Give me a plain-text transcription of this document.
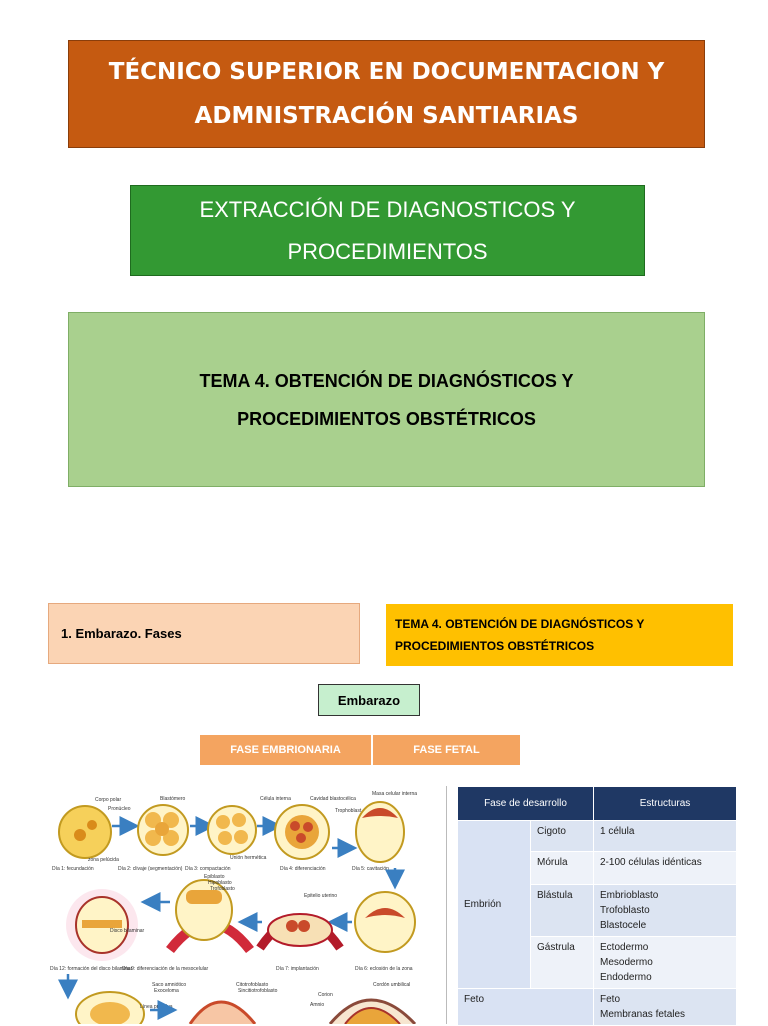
TÉCNICO SUPERIOR EN DOCUMENTACION Y
ADMNISTRACIÓN SANTIARIAS
EXTRACCIÓN DE DIAGNOSTICOS Y
PROCEDIMIENTOS
TEMA 4. OBTENCIÓN DE DIAGNÓSTICOS Y
PROCEDIMIENTOS OBSTÉTRICOS
1. Embarazo. Fases
TEMA 4. OBTENCIÓN DE DIAGNÓSTICOS Y
PROCEDIMIENTOS OBSTÉTRICOS
Embarazo
FASE EMBRIONARIA	FASE FETAL
Corpo polar
Pronúcleo
zona pelúcida
Día 1: fecundación
Blastómero
Día 2: clivaje (segmentación)
Unión hermética
Día 3: compactación
Célula interna
Día 4: diferenciación
Cavidad blastocélica
Trophoblast
Masa celular interna
Día 5: cavitación
Día 6: eclosión de la zona
Epitelio uterino
Día 7: implantación
Epiblasto
Hipoblasto
Trofoblasto
Día 9: diferenciación de la mesocelular
Disco bilaminar
Día 12: formación del disco bilaminar
Saco amniótico
Exoceloma
Línea primitiva
Citotrofoblasto
Sincitiotrofoblasto
Amnio
Corion
Cordón umbilical
Fase de desarrollo		Estructuras
Embrión	Cigoto	1 célula
	Mórula	2-100 células idénticas
	Blástula	Embrioblasto
Trofoblasto
Blastocele

	Gástrula	Ectodermo
Mesodermo
Endodermo

Feto		Feto
Membranas fetales
